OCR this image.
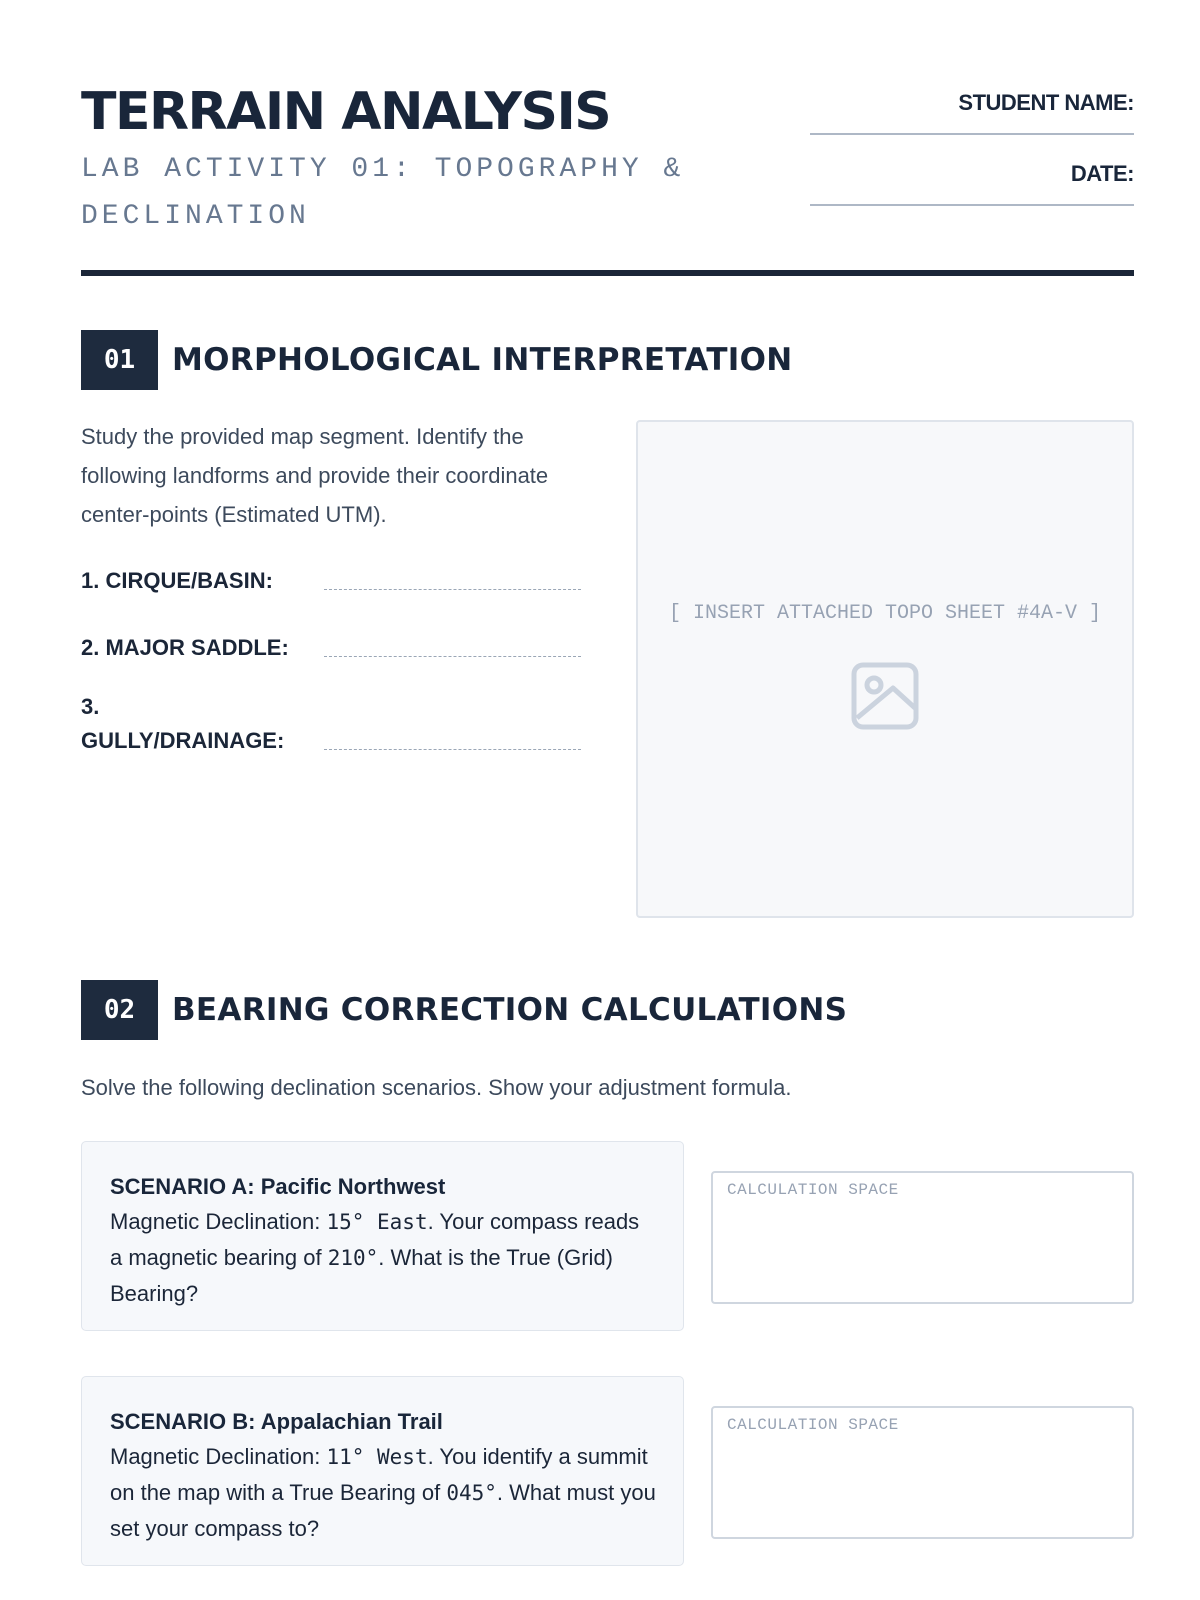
TERRAIN ANALYSIS
LAB ACTIVITY 01: TOPOGRAPHY & DECLINATION
STUDENT NAME:
DATE:
01	MORPHOLOGICAL INTERPRETATION

Study the provided map segment. Identify the following landforms and provide their coordinate center-points (Estimated UTM).

1. CIRQUE/BASIN:
2. MAJOR SADDLE:
3. GULLY/DRAINAGE:
[ INSERT ATTACHED TOPO SHEET #4A-V ]
02	BEARING CORRECTION CALCULATIONS

Solve the following declination scenarios. Show your adjustment formula.

SCENARIO A: Pacific Northwest
Magnetic Declination: 15° East. Your compass reads a magnetic bearing of 210°. What is the True (Grid) Bearing?
CALCULATION SPACE
SCENARIO B: Appalachian Trail
Magnetic Declination: 11° West. You identify a summit on the map with a True Bearing of 045°. What must you set your compass to?
CALCULATION SPACE
